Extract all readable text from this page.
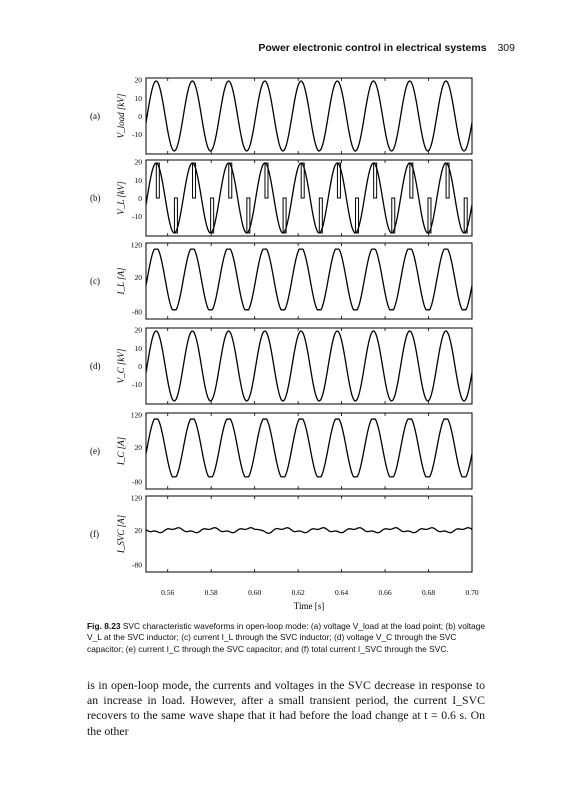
Power electronic control in electrical systems 309
20
10
0
-10
V_load [kV]
(a)
20
10
0
-10
V_L [kV]
(b)
120
20
-80
I_L [A]
(c)
20
10
0
-10
V_C [kV]
(d)
120
20
-80
I_C [A]
(e)
120
20
-80
I_SVC [A]
(f)
0.56	0.58	0.60	0.62	0.64	0.66	0.68	0.70
Time [s]
Fig. 8.23 SVC characteristic waveforms in open-loop mode: (a) voltage V_load at the load point; (b) voltage V_L at the SVC inductor; (c) current I_L through the SVC inductor; (d) voltage V_C through the SVC capacitor; (e) current I_C through the SVC capacitor; and (f) total current I_SVC through the SVC.
is in open-loop mode, the currents and voltages in the SVC decrease in response to an increase in load. However, after a small transient period, the current I_SVC recovers to the same wave shape that it had before the load change at t = 0.6 s. On the other
